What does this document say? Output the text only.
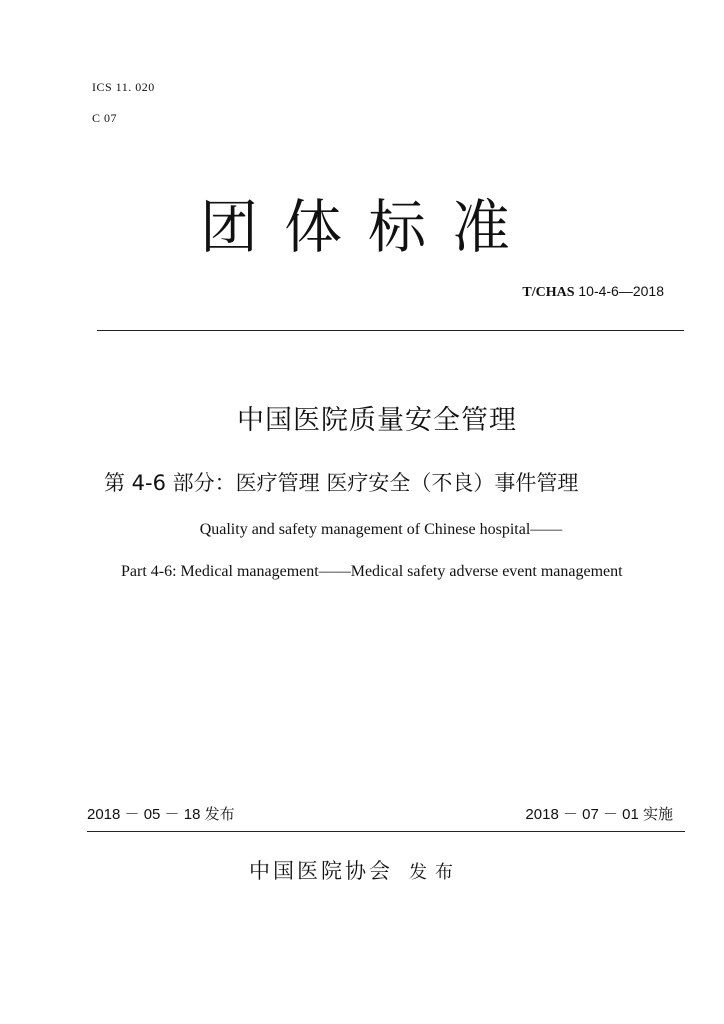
ICS 11. 020
C 07
团体标准
T/CHAS 10-4-6—2018
中国医院质量安全管理
第 4-6 部分：医疗管理 医疗安全（不良）事件管理
Quality and safety management of Chinese hospital——
Part 4-6: Medical management——Medical safety adverse event management
2018 － 05 － 18 发布	2018 － 07 － 01 实施
中国医院协会 发布
